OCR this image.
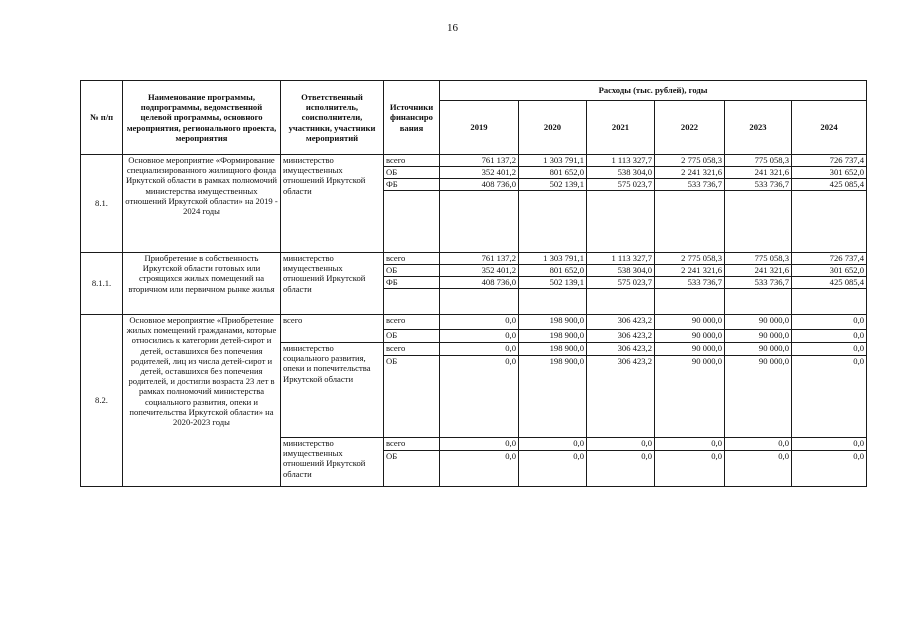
16
№ п/п	Наименование программы, подпрограммы, ведомственной целевой программы, основного мероприятия, регионального проекта, мероприятия	Ответственный исполнитель, соисполнители, участники, участники мероприятий	Источники финансиро вания	Расходы (тыс. рублей), годы					
				2019	2020	2021	2022	2023	2024
8.1.	Основное мероприятие «Формирование специализированного жилищного фонда Иркутской области в рамках полномочий министерства имущественных отношений Иркутской области» на 2019 - 2024 годы	министерство имущественных отношений Иркутской области	всего	761 137,2	1 303 791,1	1 113 327,7	2 775 058,3	775 058,3	726 737,4
			ОБ	352 401,2	801 652,0	538 304,0	2 241 321,6	241 321,6	301 652,0
			ФБ	408 736,0	502 139,1	575 023,7	533 736,7	533 736,7	425 085,4

8.1.1.	Приобретение в собственность Иркутской области готовых или строящихся жилых помещений на вторичном или первичном рынке жилья	министерство имущественных отношений Иркутской области	всего	761 137,2	1 303 791,1	1 113 327,7	2 775 058,3	775 058,3	726 737,4
			ОБ	352 401,2	801 652,0	538 304,0	2 241 321,6	241 321,6	301 652,0
			ФБ	408 736,0	502 139,1	575 023,7	533 736,7	533 736,7	425 085,4

8.2.	Основное мероприятие «Приобретение жилых помещений гражданами, которые относились к категории детей-сирот и детей, оставшихся без попечения родителей, лиц из числа детей-сирот и детей, оставшихся без попечения родителей, и достигли возраста 23 лет в рамках полномочий министерства социального развития, опеки и попечительства Иркутской области» на 2020-2023 годы	всего	всего	0,0	198 900,0	306 423,2	90 000,0	90 000,0	0,0
			ОБ	0,0	198 900,0	306 423,2	90 000,0	90 000,0	0,0
		министерство социального развития, опеки и попечительства Иркутской области	всего	0,0	198 900,0	306 423,2	90 000,0	90 000,0	0,0
			ОБ	0,0	198 900,0	306 423,2	90 000,0	90 000,0	0,0

		министерство имущественных отношений Иркутской области	всего	0,0	0,0	0,0	0,0	0,0	0,0
			ОБ	0,0	0,0	0,0	0,0	0,0	0,0
